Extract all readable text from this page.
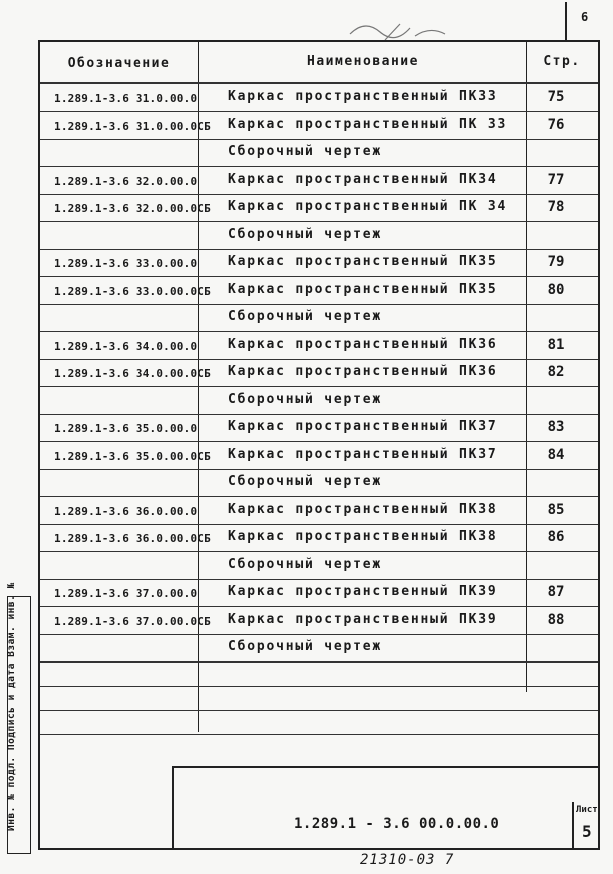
6
Обозначение	Наименование	Стр.
1.289.1-3.6 31.0.00.0 Каркас пространственный ПК33	75
1.289.1-3.6 31.0.00.0СБ Каркас пространственный ПК 33	76
Сборочный чертеж
1.289.1-3.6 32.0.00.0 Каркас пространственный ПК34	77
1.289.1-3.6 32.0.00.0СБ Каркас пространственный ПК 34	78
Сборочный чертеж
1.289.1-3.6 33.0.00.0 Каркас пространственный ПК35	79
1.289.1-3.6 33.0.00.0СБ Каркас пространственный ПК35	80
Сборочный чертеж
1.289.1-3.6 34.0.00.0 Каркас пространственный ПК36	81
1.289.1-3.6 34.0.00.0СБ Каркас пространственный ПК36	82
Сборочный чертеж
1.289.1-3.6 35.0.00.0 Каркас пространственный ПК37	83
1.289.1-3.6 35.0.00.0СБ Каркас пространственный ПК37	84
Сборочный чертеж
1.289.1-3.6 36.0.00.0 Каркас пространственный ПК38	85
1.289.1-3.6 36.0.00.0СБ Каркас пространственный ПК38	86
Сборочный чертеж
1.289.1-3.6 37.0.00.0 Каркас пространственный ПК39	87
1.289.1-3.6 37.0.00.0СБ Каркас пространственный ПК39	88
Сборочный чертеж
Инв. № подл. Подпись и дата Взам. инв. №	1.289.1 - 3.6 00.0.00.0
Лист
5
21310-03 7
